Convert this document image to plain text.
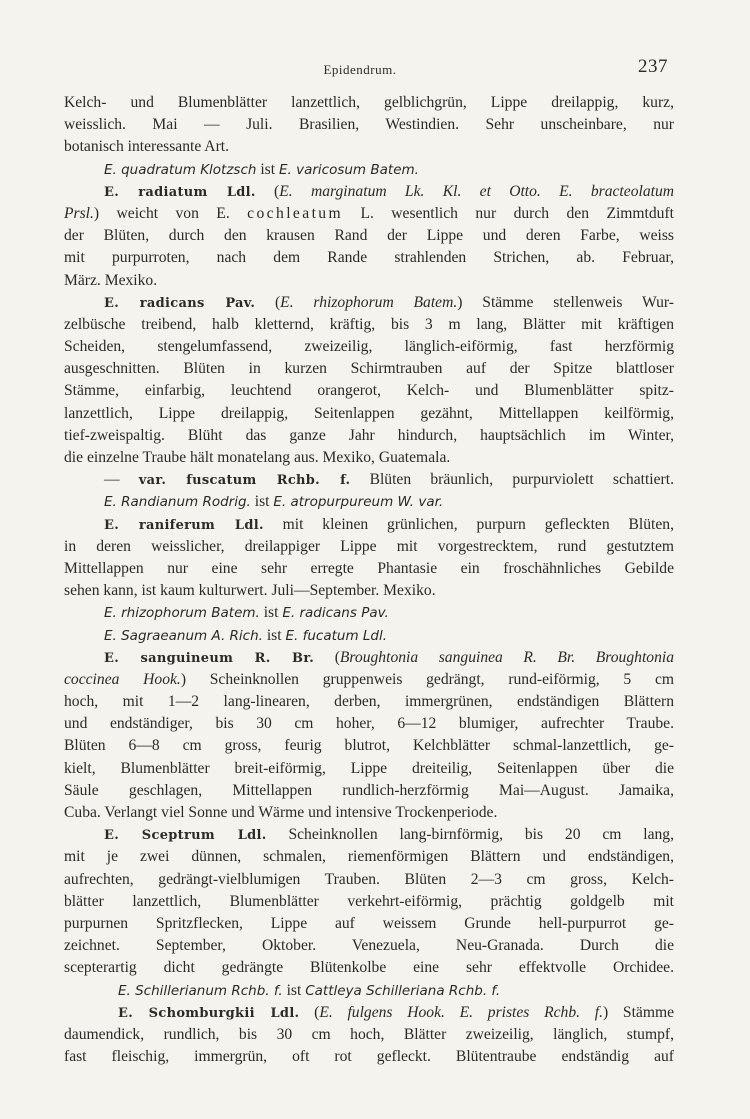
Epidendrum.	237
Kelch- und Blumenblätter lanzettlich, gelblichgrün, Lippe dreilappig, kurz,
weisslich. Mai — Juli. Brasilien, Westindien. Sehr unscheinbare, nur
botanisch interessante Art.
E. quadratum Klotzsch ist E. varicosum Batem.
E. radiatum Ldl. (E. marginatum Lk. Kl. et Otto. E. bracteolatum
Prsl.) weicht von E. cochleatum L. wesentlich nur durch den Zimmtduft
der Blüten, durch den krausen Rand der Lippe und deren Farbe, weiss
mit purpurroten, nach dem Rande strahlenden Strichen, ab. Februar,
März. Mexiko.
E. radicans Pav. (E. rhizophorum Batem.) Stämme stellenweis Wur-
zelbüsche treibend, halb kletternd, kräftig, bis 3 m lang, Blätter mit kräftigen
Scheiden, stengelumfassend, zweizeilig, länglich-eiförmig, fast herzförmig
ausgeschnitten. Blüten in kurzen Schirmtrauben auf der Spitze blattloser
Stämme, einfarbig, leuchtend orangerot, Kelch- und Blumenblätter spitz-
lanzettlich, Lippe dreilappig, Seitenlappen gezähnt, Mittellappen keilförmig,
tief-zweispaltig. Blüht das ganze Jahr hindurch, hauptsächlich im Winter,
die einzelne Traube hält monatelang aus. Mexiko, Guatemala.
— var. fuscatum Rchb. f. Blüten bräunlich, purpurviolett schattiert.
E. Randianum Rodrig. ist E. atropurpureum W. var.
E. raniferum Ldl. mit kleinen grünlichen, purpurn gefleckten Blüten,
in deren weisslicher, dreilappiger Lippe mit vorgestrecktem, rund gestutztem
Mittellappen nur eine sehr erregte Phantasie ein froschähnliches Gebilde
sehen kann, ist kaum kulturwert. Juli—September. Mexiko.
E. rhizophorum Batem. ist E. radicans Pav.
E. Sagraeanum A. Rich. ist E. fucatum Ldl.
E. sanguineum R. Br. (Broughtonia sanguinea R. Br. Broughtonia
coccinea Hook.) Scheinknollen gruppenweis gedrängt, rund-eiförmig, 5 cm
hoch, mit 1—2 lang-linearen, derben, immergrünen, endständigen Blättern
und endständiger, bis 30 cm hoher, 6—12 blumiger, aufrechter Traube.
Blüten 6—8 cm gross, feurig blutrot, Kelchblätter schmal-lanzettlich, ge-
kielt, Blumenblätter breit-eiförmig, Lippe dreiteilig, Seitenlappen über die
Säule geschlagen, Mittellappen rundlich-herzförmig Mai—August. Jamaika,
Cuba. Verlangt viel Sonne und Wärme und intensive Trockenperiode.
E. Sceptrum Ldl. Scheinknollen lang-birnförmig, bis 20 cm lang,
mit je zwei dünnen, schmalen, riemenförmigen Blättern und endständigen,
aufrechten, gedrängt-vielblumigen Trauben. Blüten 2—3 cm gross, Kelch-
blätter lanzettlich, Blumenblätter verkehrt-eiförmig, prächtig goldgelb mit
purpurnen Spritzflecken, Lippe auf weissem Grunde hell-purpurrot ge-
zeichnet. September, Oktober. Venezuela, Neu-Granada. Durch die
scepterartig dicht gedrängte Blütenkolbe eine sehr effektvolle Orchidee.
E. Schillerianum Rchb. f. ist Cattleya Schilleriana Rchb. f.
E. Schomburgkii Ldl. (E. fulgens Hook. E. pristes Rchb. f.) Stämme
daumendick, rundlich, bis 30 cm hoch, Blätter zweizeilig, länglich, stumpf,
fast fleischig, immergrün, oft rot gefleckt. Blütentraube endständig auf
